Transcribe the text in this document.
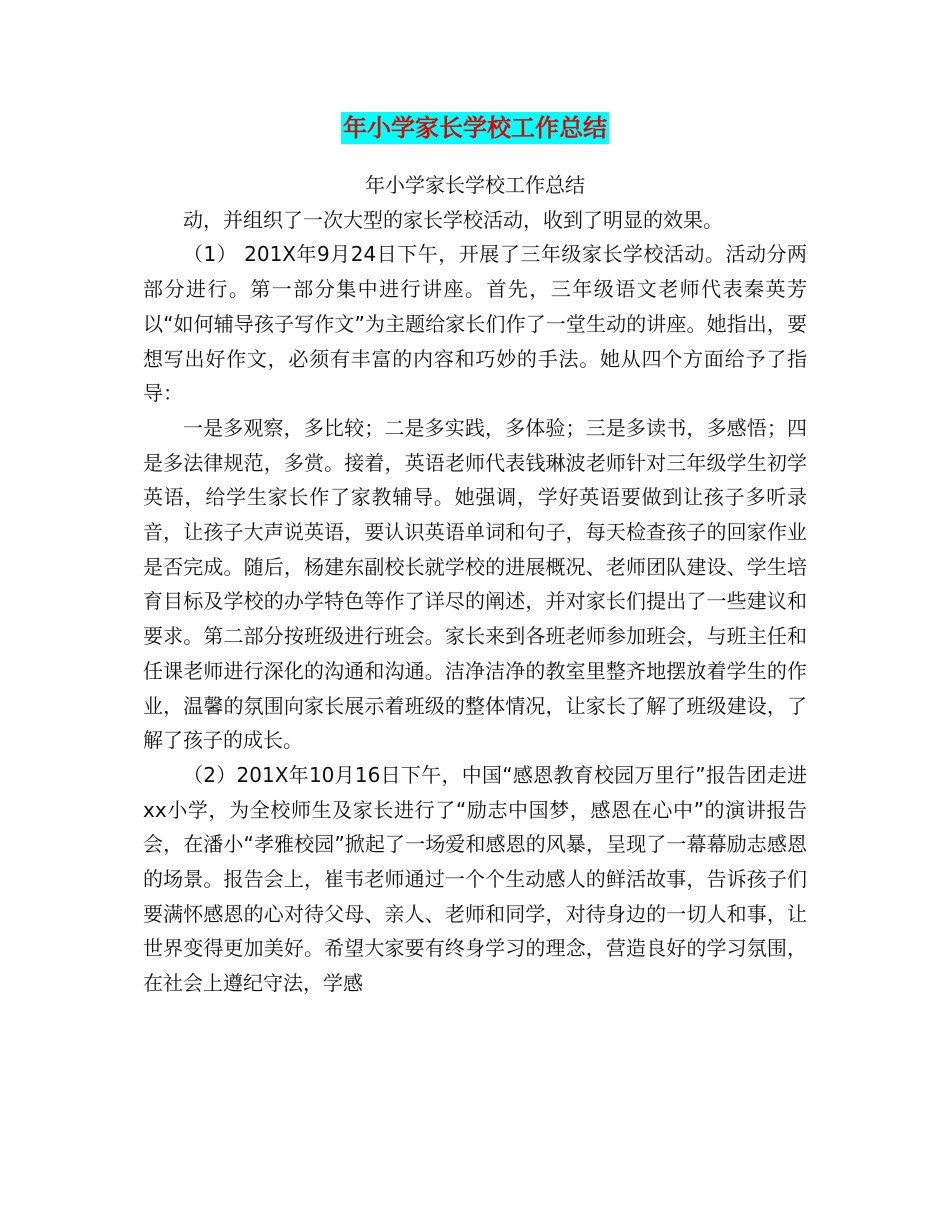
年小学家长学校工作总结

年小学家长学校工作总结

动，并组织了一次大型的家长学校活动，收到了明显的效果。

（1） 201X年9月24日下午，开展了三年级家长学校活动。活动分两部分进行。第一部分集中进行讲座。首先，三年级语文老师代表秦英芳以“如何辅导孩子写作文”为主题给家长们作了一堂生动的讲座。她指出，要想写出好作文，必须有丰富的内容和巧妙的手法。她从四个方面给予了指导：

一是多观察，多比较；二是多实践，多体验；三是多读书，多感悟；四是多法律规范，多赏。接着，英语老师代表钱琳波老师针对三年级学生初学英语，给学生家长作了家教辅导。她强调，学好英语要做到让孩子多听录音，让孩子大声说英语，要认识英语单词和句子，每天检查孩子的回家作业是否完成。随后，杨建东副校长就学校的进展概况、老师团队建设、学生培育目标及学校的办学特色等作了详尽的阐述，并对家长们提出了一些建议和要求。第二部分按班级进行班会。家长来到各班老师参加班会，与班主任和任课老师进行深化的沟通和沟通。洁净洁净的教室里整齐地摆放着学生的作业，温馨的氛围向家长展示着班级的整体情况，让家长了解了班级建设，了解了孩子的成长。

（2）201X年10月16日下午，中国“感恩教育校园万里行”报告团走进xx小学，为全校师生及家长进行了“励志中国梦，感恩在心中”的演讲报告会，在潘小“孝雅校园”掀起了一场爱和感恩的风暴，呈现了一幕幕励志感恩的场景。报告会上，崔韦老师通过一个个生动感人的鲜活故事，告诉孩子们要满怀感恩的心对待父母、亲人、老师和同学，对待身边的一切人和事，让世界变得更加美好。希望大家要有终身学习的理念，营造良好的学习氛围，在社会上遵纪守法，学感
